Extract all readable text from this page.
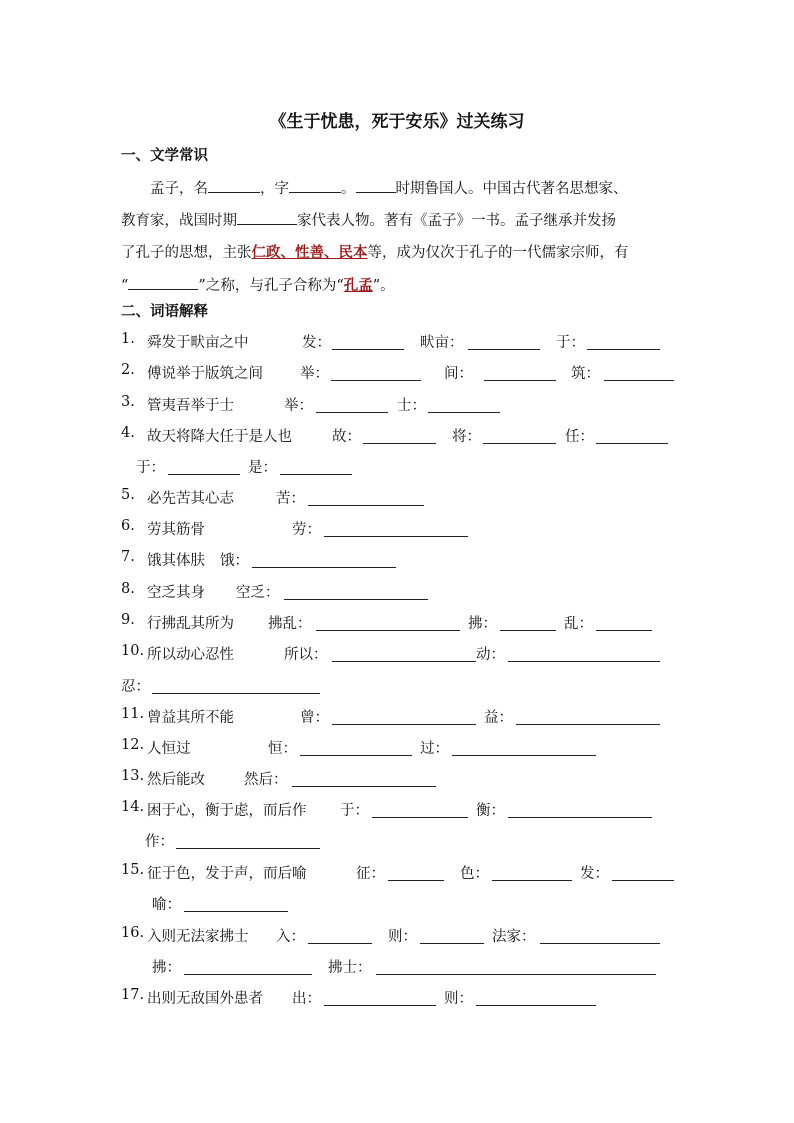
《生于忧患，死于安乐》过关练习
一、文学常识

孟子，名	，字	。	时期鲁国人。中国古代著名思想家、

教育家，战国时期	家代表人物。著有《孟子》一书。孟子继承并发扬

了孔子的思想，主张仁政、性善、民本等，成为仅次于孔子的一代儒家宗师，有

“	”之称，与孔子合称为“孔孟”。

二、词语解释
1. 舜发于畎亩之中	发：	畎亩：	于：
2. 傅说举于版筑之间	举：	间：	筑：
3. 管夷吾举于士	举：	士：
4. 故天将降大任于是人也	故：	将：	任：
于：	是：
5. 必先苦其心志	苦：
6. 劳其筋骨	劳：
7. 饿其体肤 饿：
8. 空乏其身 空乏：
9. 行拂乱其所为 拂乱：	拂：	乱：
10. 所以动心忍性	所以：	动：
忍：
11. 曾益其所不能	曾：	益：
12. 人恒过	恒：	过：
13. 然后能改	然后：
14. 困于心，衡于虑，而后作 于：	衡：
作：
15. 征于色，发于声，而后喻	征：	色：	发：
喻：
16. 入则无法家拂士 入：	则：	法家：
拂：	拂士：
17. 出则无敌国外患者 出：	则：
